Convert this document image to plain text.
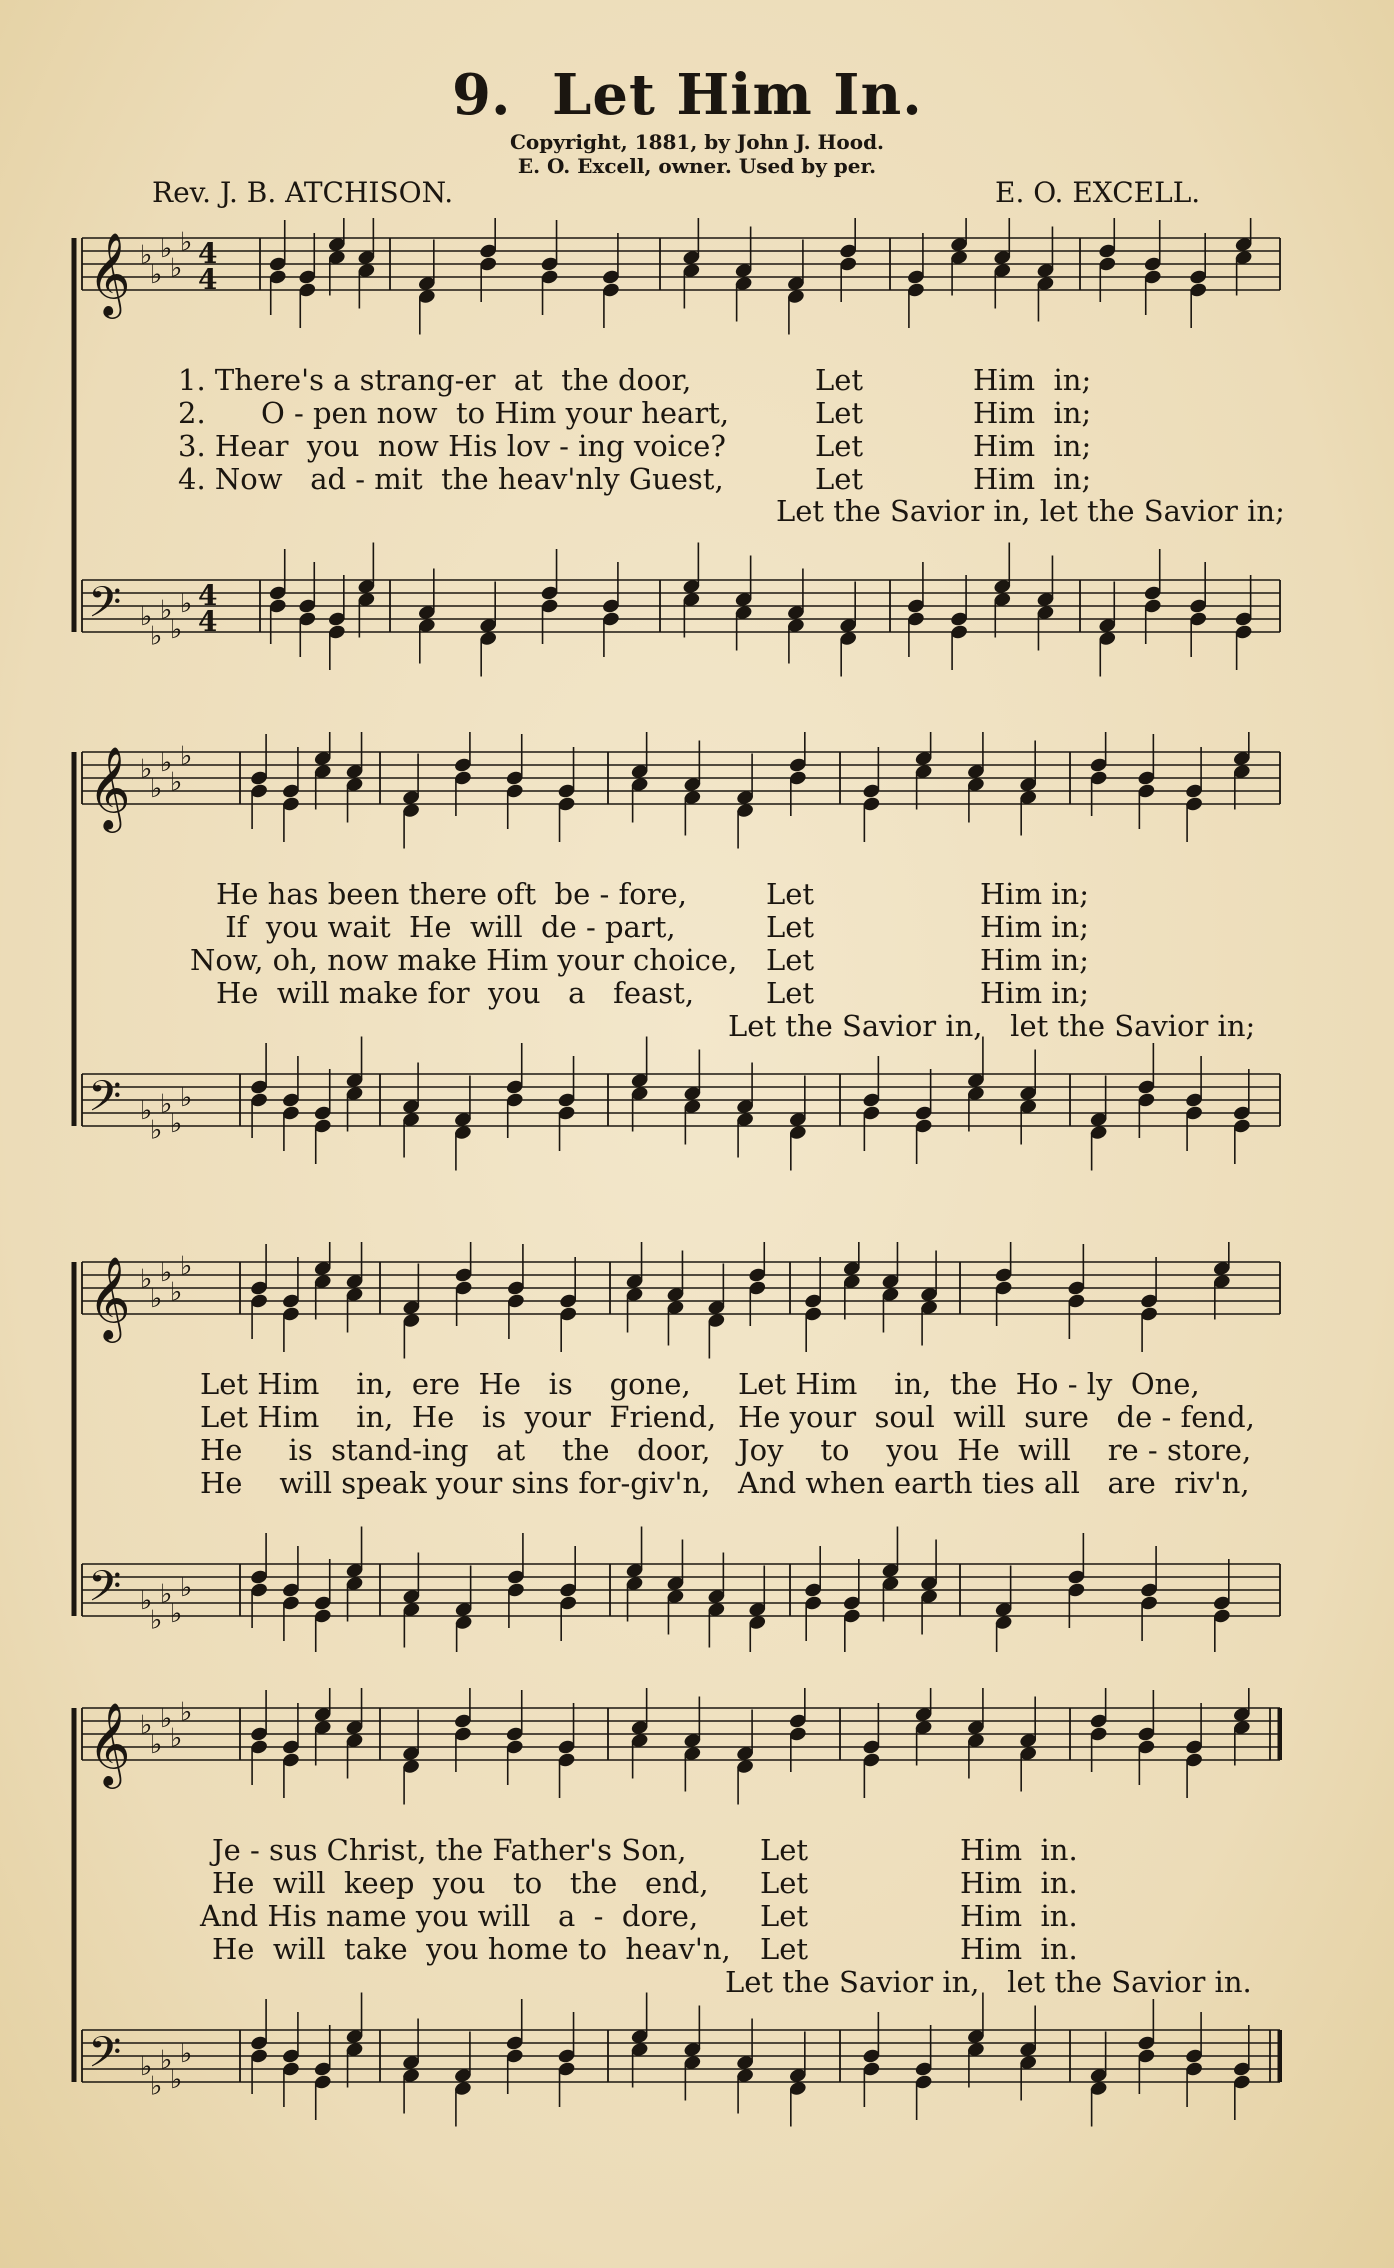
9. Let Him In.
Copyright, 1881, by John J. Hood.
E. O. Excell, owner. Used by per.
Rev. J. B. ATCHISON.	E. O. EXCELL.
𝄞 ♭
♭
♭
♭
♭ 4
4
𝄢 ♭
♭
♭
♭
♭ 4
4
1. There's a strang-er  at  the door,
2.      O - pen now  to Him your heart,
3. Hear  you  now His lov - ing voice?
4. Now   ad - mit  the heav'nly Guest,
Let
Let
Let
Let
Him  in;
Him  in;
Him  in;
Him  in;
Let the Savior in, let the Savior in;
𝄞 ♭
♭
♭
♭
♭
𝄢 ♭
♭
♭
♭
♭
He has been there oft  be - fore,
If  you wait  He  will  de - part,
Now, oh, now make Him your choice,
He  will make for  you   a   feast,
Let
Let
Let
Let
Him in;
Him in;
Him in;
Him in;
Let the Savior in,   let the Savior in;
𝄞 ♭
♭
♭
♭
♭
𝄢 ♭
♭
♭
♭
♭
Let Him    in,  ere  He   is    gone,
Let Him    in,  He   is  your  Friend,
He     is  stand-ing   at    the   door,
He    will speak your sins for-giv'n,
Let Him    in,  the  Ho - ly  One,
He your  soul  will  sure   de - fend,
Joy    to    you  He  will    re - store,
And when earth ties all   are  riv'n,
𝄞 ♭
♭
♭
♭
♭
𝄢 ♭
♭
♭
♭
♭
Je - sus Christ, the Father's Son,
He  will  keep  you   to   the   end,
And His name you will   a  -  dore,
He  will  take  you home to  heav'n,
Let
Let
Let
Let
Him  in.
Him  in.
Him  in.
Him  in.
Let the Savior in,   let the Savior in.
